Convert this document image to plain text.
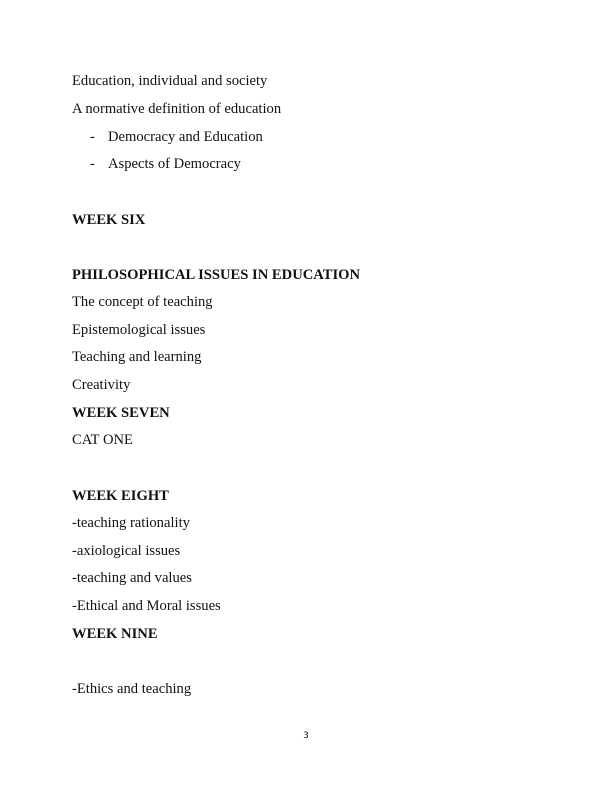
Education, individual and society
A normative definition of education
- Democracy and Education
- Aspects of Democracy
WEEK SIX
PHILOSOPHICAL ISSUES IN EDUCATION
The concept of teaching
Epistemological issues
Teaching and learning
Creativity
WEEK SEVEN
CAT ONE
WEEK EIGHT
-teaching rationality
-axiological issues
-teaching and values
-Ethical and Moral issues
WEEK NINE
-Ethics and teaching
3
